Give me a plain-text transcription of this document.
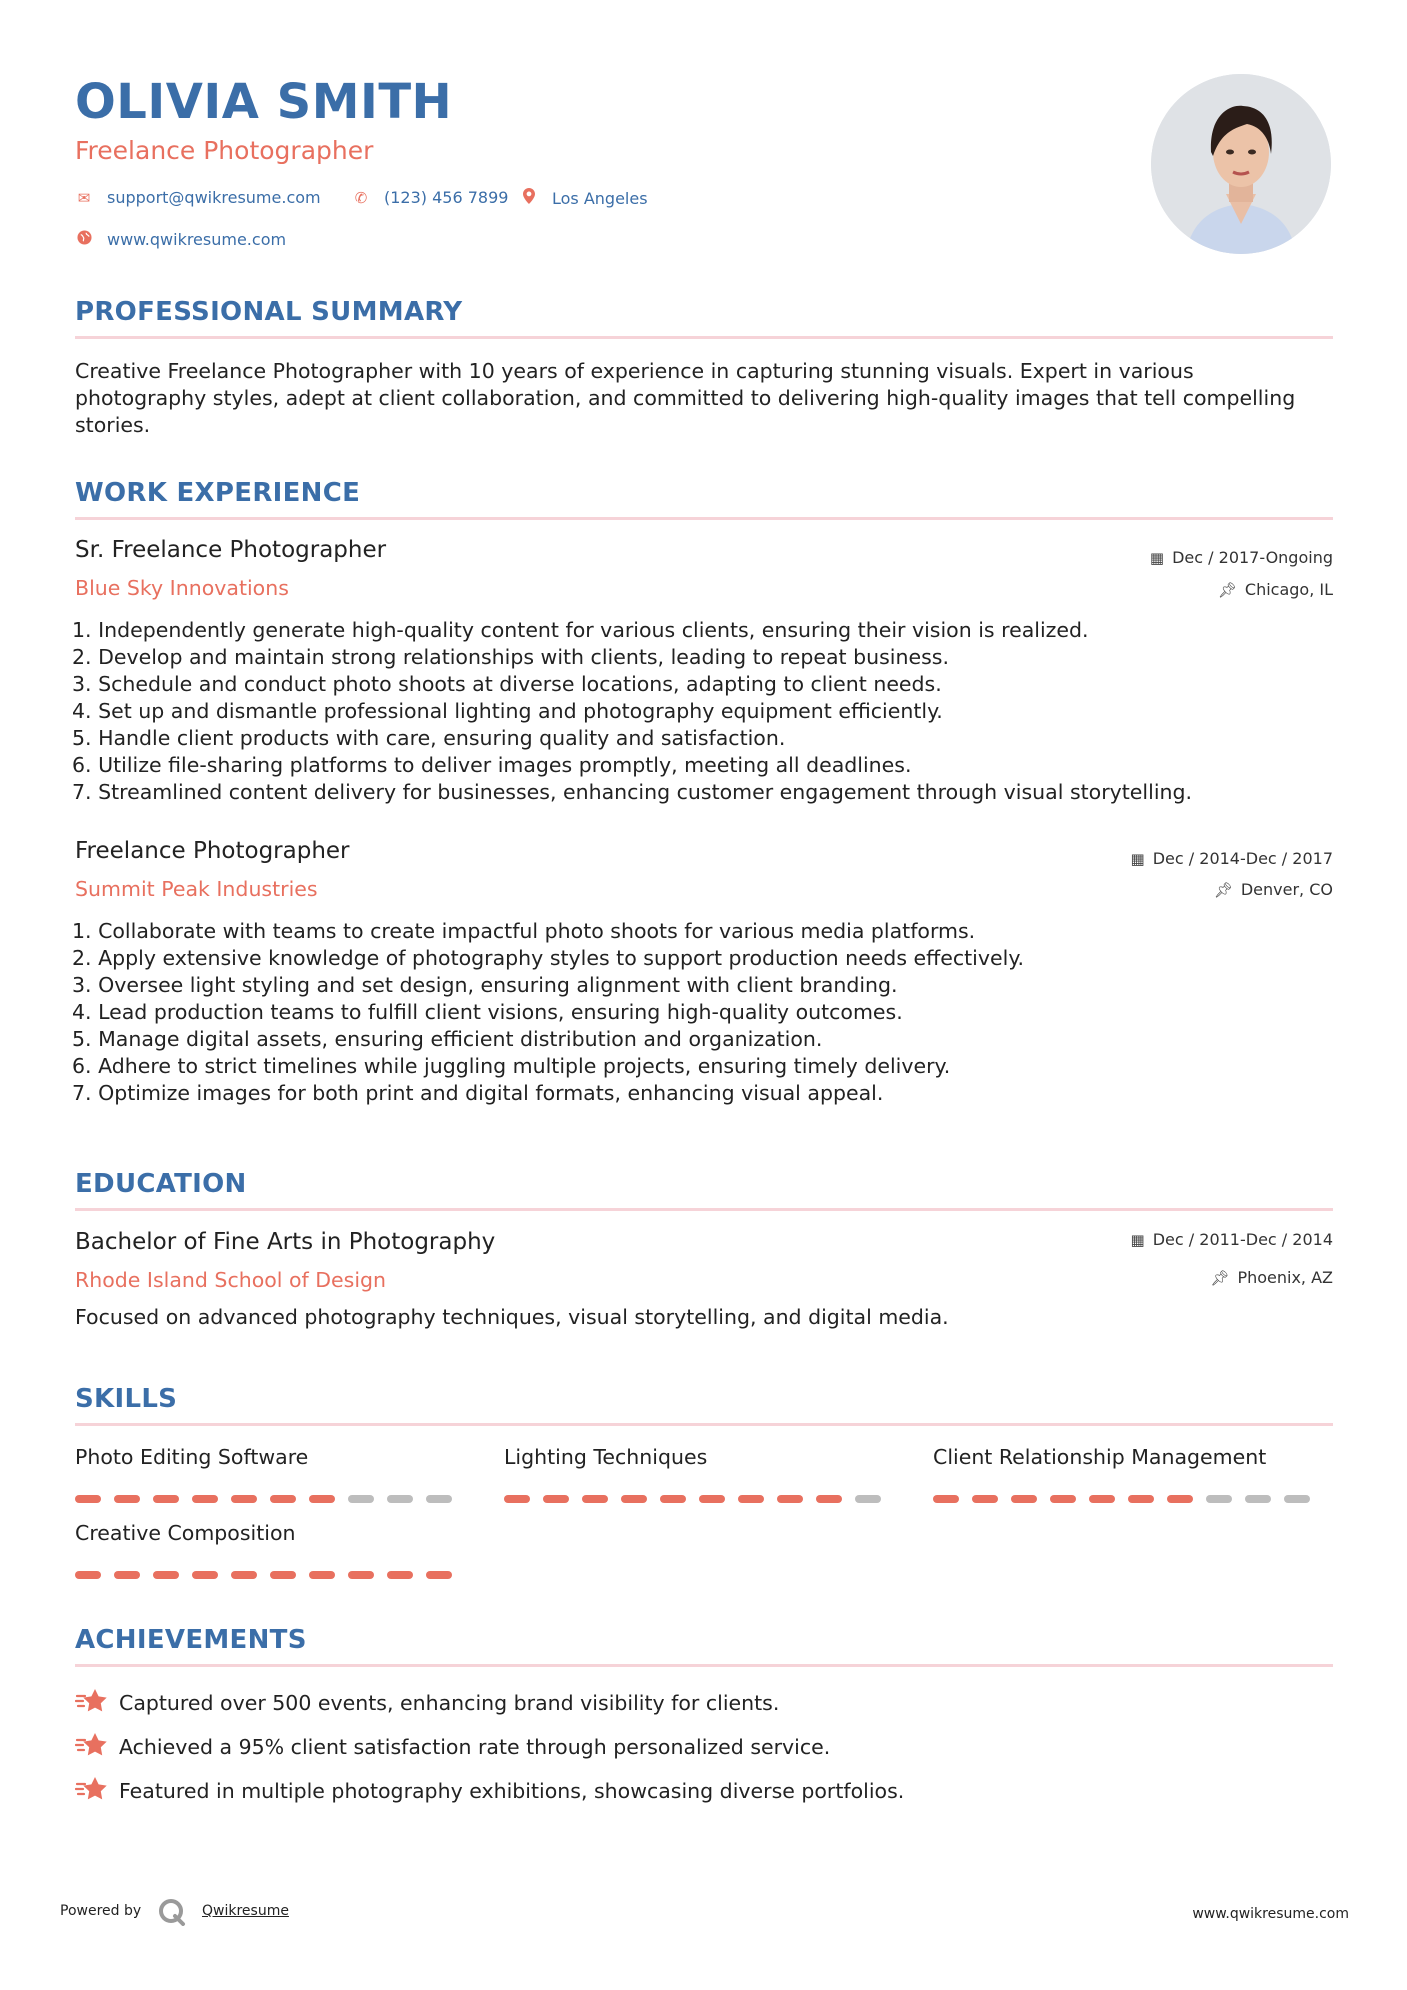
OLIVIA SMITH
Freelance Photographer
✉ support@qwikresume.com ✆ (123) 456 7899	Los Angeles
www.qwikresume.com
PROFESSIONAL SUMMARY
Creative Freelance Photographer with 10 years of experience in capturing stunning visuals. Expert in various
photography styles, adept at client collaboration, and committed to delivering high-quality images that tell compelling
stories.
WORK EXPERIENCE
Sr. Freelance Photographer
Blue Sky Innovations
▦ Dec / 2017-Ongoing
📌︎ Chicago, IL
1. Independently generate high-quality content for various clients, ensuring their vision is realized.
2. Develop and maintain strong relationships with clients, leading to repeat business.
3. Schedule and conduct photo shoots at diverse locations, adapting to client needs.
4. Set up and dismantle professional lighting and photography equipment efficiently.
5. Handle client products with care, ensuring quality and satisfaction.
6. Utilize file-sharing platforms to deliver images promptly, meeting all deadlines.
7. Streamlined content delivery for businesses, enhancing customer engagement through visual storytelling.
Freelance Photographer
Summit Peak Industries
▦ Dec / 2014-Dec / 2017
📌︎ Denver, CO
1. Collaborate with teams to create impactful photo shoots for various media platforms.
2. Apply extensive knowledge of photography styles to support production needs effectively.
3. Oversee light styling and set design, ensuring alignment with client branding.
4. Lead production teams to fulfill client visions, ensuring high-quality outcomes.
5. Manage digital assets, ensuring efficient distribution and organization.
6. Adhere to strict timelines while juggling multiple projects, ensuring timely delivery.
7. Optimize images for both print and digital formats, enhancing visual appeal.
EDUCATION
Bachelor of Fine Arts in Photography
Rhode Island School of Design
▦ Dec / 2011-Dec / 2014
📌︎ Phoenix, AZ
Focused on advanced photography techniques, visual storytelling, and digital media.
SKILLS
Photo Editing Software	Lighting Techniques	Client Relationship Management
Creative Composition
ACHIEVEMENTS
Captured over 500 events, enhancing brand visibility for clients.
Achieved a 95% client satisfaction rate through personalized service.
Featured in multiple photography exhibitions, showcasing diverse portfolios.
Powered by	Qwikresume	www.qwikresume.com
